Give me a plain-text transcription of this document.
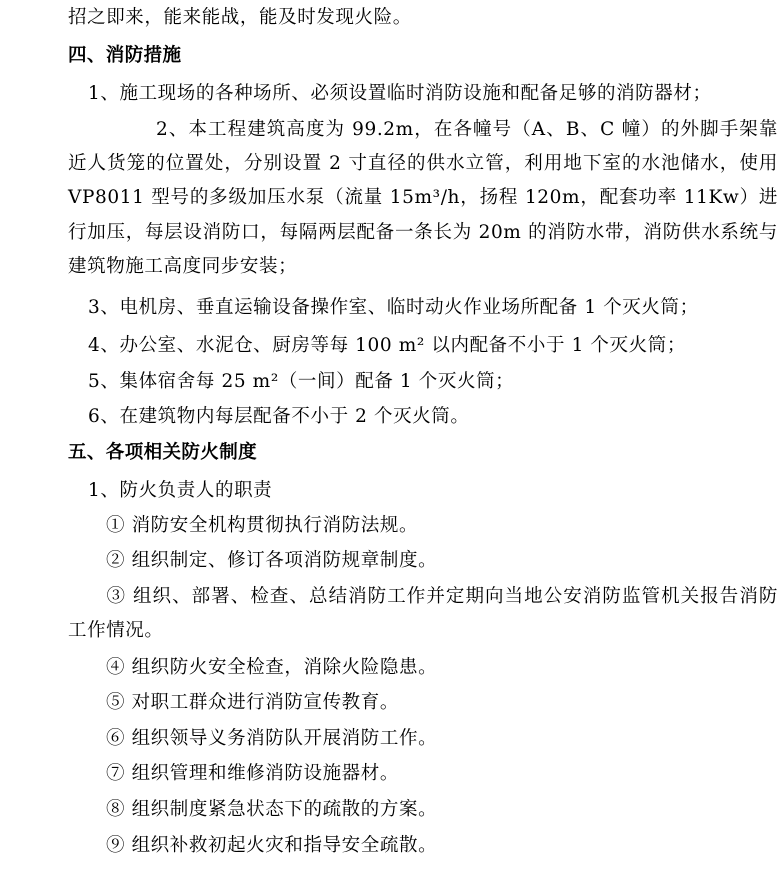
招之即来，能来能战，能及时发现火险。
四、消防措施
1、施工现场的各种场所、必须设置临时消防设施和配备足够的消防器材；
2、本工程建筑高度为 99.2m，在各幢号（A、B、C 幢）的外脚手架靠近人货笼的位置处，分别设置 2 寸直径的供水立管，利用地下室的水池储水，使用 VP8011 型号的多级加压水泵（流量 15m³/h，扬程 120m，配套功率 11Kw）进行加压，每层设消防口，每隔两层配备一条长为 20m 的消防水带，消防供水系统与建筑物施工高度同步安装；
3、电机房、垂直运输设备操作室、临时动火作业场所配备 1 个灭火筒；
4、办公室、水泥仓、厨房等每 100 m² 以内配备不小于 1 个灭火筒；
5、集体宿舍每 25 m²（一间）配备 1 个灭火筒；
6、在建筑物内每层配备不小于 2 个灭火筒。
五、各项相关防火制度
1、防火负责人的职责
① 消防安全机构贯彻执行消防法规。
② 组织制定、修订各项消防规章制度。
③ 组织、部署、检查、总结消防工作并定期向当地公安消防监管机关报告消防工作情况。
④ 组织防火安全检查，消除火险隐患。
⑤ 对职工群众进行消防宣传教育。
⑥ 组织领导义务消防队开展消防工作。
⑦ 组织管理和维修消防设施器材。
⑧ 组织制度紧急状态下的疏散的方案。
⑨ 组织补救初起火灾和指导安全疏散。
